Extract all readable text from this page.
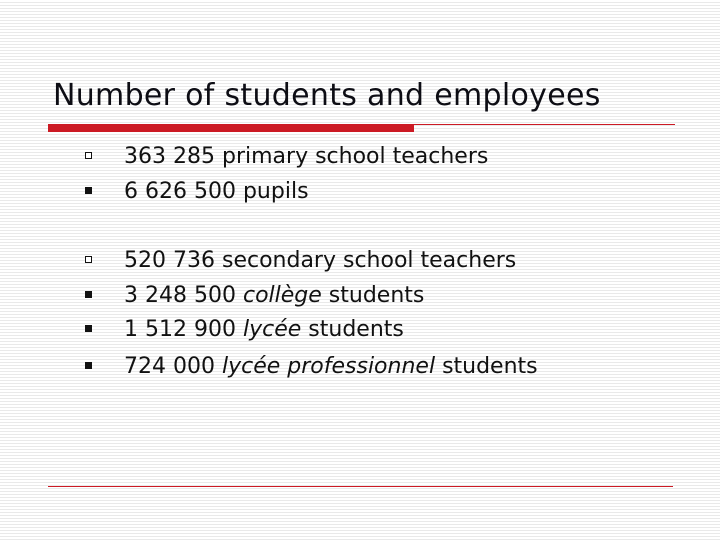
Number of students and employees
363 285 primary school teachers
6 626 500 pupils
520 736 secondary school teachers
3 248 500 collège students
1 512 900 lycée students
724 000 lycée professionnel students
